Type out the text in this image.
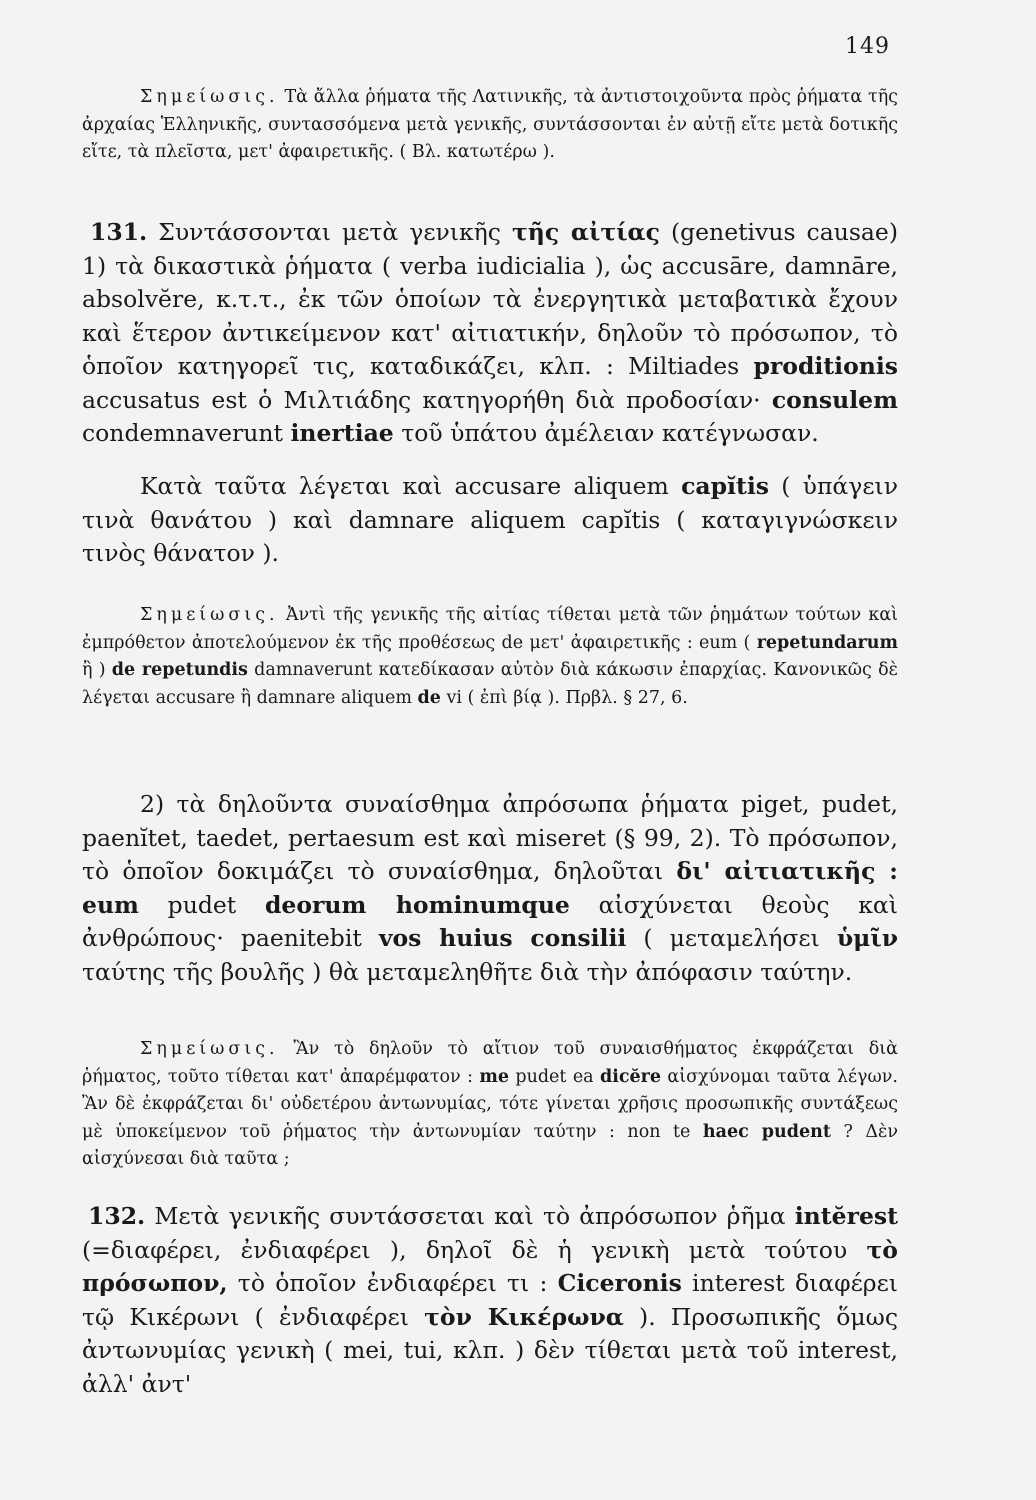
149
Σημείωσις. Τὰ ἄλλα ῥήματα τῆς Λατινικῆς, τὰ ἀντιστοιχοῦντα πρὸς ῥήματα τῆς ἀρχαίας Ἑλληνικῆς, συντασσόμενα μετὰ γενικῆς, συντάσσονται ἐν αὐτῇ εἴτε μετὰ δοτικῆς εἴτε, τὰ πλεῖστα, μετ' ἀφαιρετικῆς. ( Βλ. κατωτέρω ).
131. Συντάσσονται μετὰ γενικῆς τῆς αἰτίας (genetivus causae) 1) τὰ δικαστικὰ ῥήματα ( verba iudicialia ), ὡς accusāre, damnāre, absolvĕre, κ.τ.τ., ἐκ τῶν ὁποίων τὰ ἐνεργητικὰ μεταβατικὰ ἔχουν καὶ ἕτερον ἀντικείμενον κατ' αἰτιατικήν, δηλοῦν τὸ πρόσωπον, τὸ ὁποῖον κατηγορεῖ τις, καταδικάζει, κλπ. : Miltiades proditionis accusatus est ὁ Μιλτιάδης κατηγορήθη διὰ προδοσίαν· consulem condemnaverunt inertiae τοῦ ὑπάτου ἀμέλειαν κατέγνωσαν.
Κατὰ ταῦτα λέγεται καὶ accusare aliquem capĭtis ( ὑπάγειν τινὰ θανάτου ) καὶ damnare aliquem capĭtis ( καταγιγνώσκειν τινὸς θάνατον ).
Σημείωσις. Ἀντὶ τῆς γενικῆς τῆς αἰτίας τίθεται μετὰ τῶν ῥημάτων τούτων καὶ ἐμπρόθετον ἀποτελούμενον ἐκ τῆς προθέσεως de μετ' ἀφαιρετικῆς : eum ( repetundarum ἢ ) de repetundis damnaverunt κατεδίκασαν αὐτὸν διὰ κάκωσιν ἐπαρχίας. Κανονικῶς δὲ λέγεται accusare ἢ damnare aliquem de vi ( ἐπὶ βίᾳ ). Πρβλ. § 27, 6.
2) τὰ δηλοῦντα συναίσθημα ἀπρόσωπα ῥήματα piget, pudet, paenĭtet, taedet, pertaesum est καὶ miseret (§ 99, 2). Τὸ πρόσωπον, τὸ ὁποῖον δοκιμάζει τὸ συναίσθημα, δηλοῦται δι' αἰτιατικῆς : eum pudet deorum hominumque αἰσχύνεται θεοὺς καὶ ἀνθρώπους· paenitebit vos huius consilii ( μεταμελήσει ὑμῖν ταύτης τῆς βουλῆς ) θὰ μεταμεληθῆτε διὰ τὴν ἀπόφασιν ταύτην.
Σημείωσις. Ἂν τὸ δηλοῦν τὸ αἴτιον τοῦ συναισθήματος ἐκφράζεται διὰ ῥήματος, τοῦτο τίθεται κατ' ἀπαρέμφατον : me pudet ea dicĕre αἰσχύνομαι ταῦτα λέγων. Ἂν δὲ ἐκφράζεται δι' οὐδετέρου ἀντωνυμίας, τότε γίνεται χρῆσις προσωπικῆς συντάξεως μὲ ὑποκείμενον τοῦ ῥήματος τὴν ἀντωνυμίαν ταύτην : non te haec pudent ? Δὲν αἰσχύνεσαι διὰ ταῦτα ;
132. Μετὰ γενικῆς συντάσσεται καὶ τὸ ἀπρόσωπον ῥῆμα intĕrest (=διαφέρει, ἐνδιαφέρει ), δηλοῖ δὲ ἡ γενικὴ μετὰ τούτου τὸ πρόσωπον, τὸ ὁποῖον ἐνδιαφέρει τι : Ciceronis interest διαφέρει τῷ Κικέρωνι ( ἐνδιαφέρει τὸν Κικέρωνα ). Προσωπικῆς ὅμως ἀντωνυμίας γενικὴ ( mei, tui, κλπ. ) δὲν τίθεται μετὰ τοῦ interest, ἀλλ' ἀντ'
